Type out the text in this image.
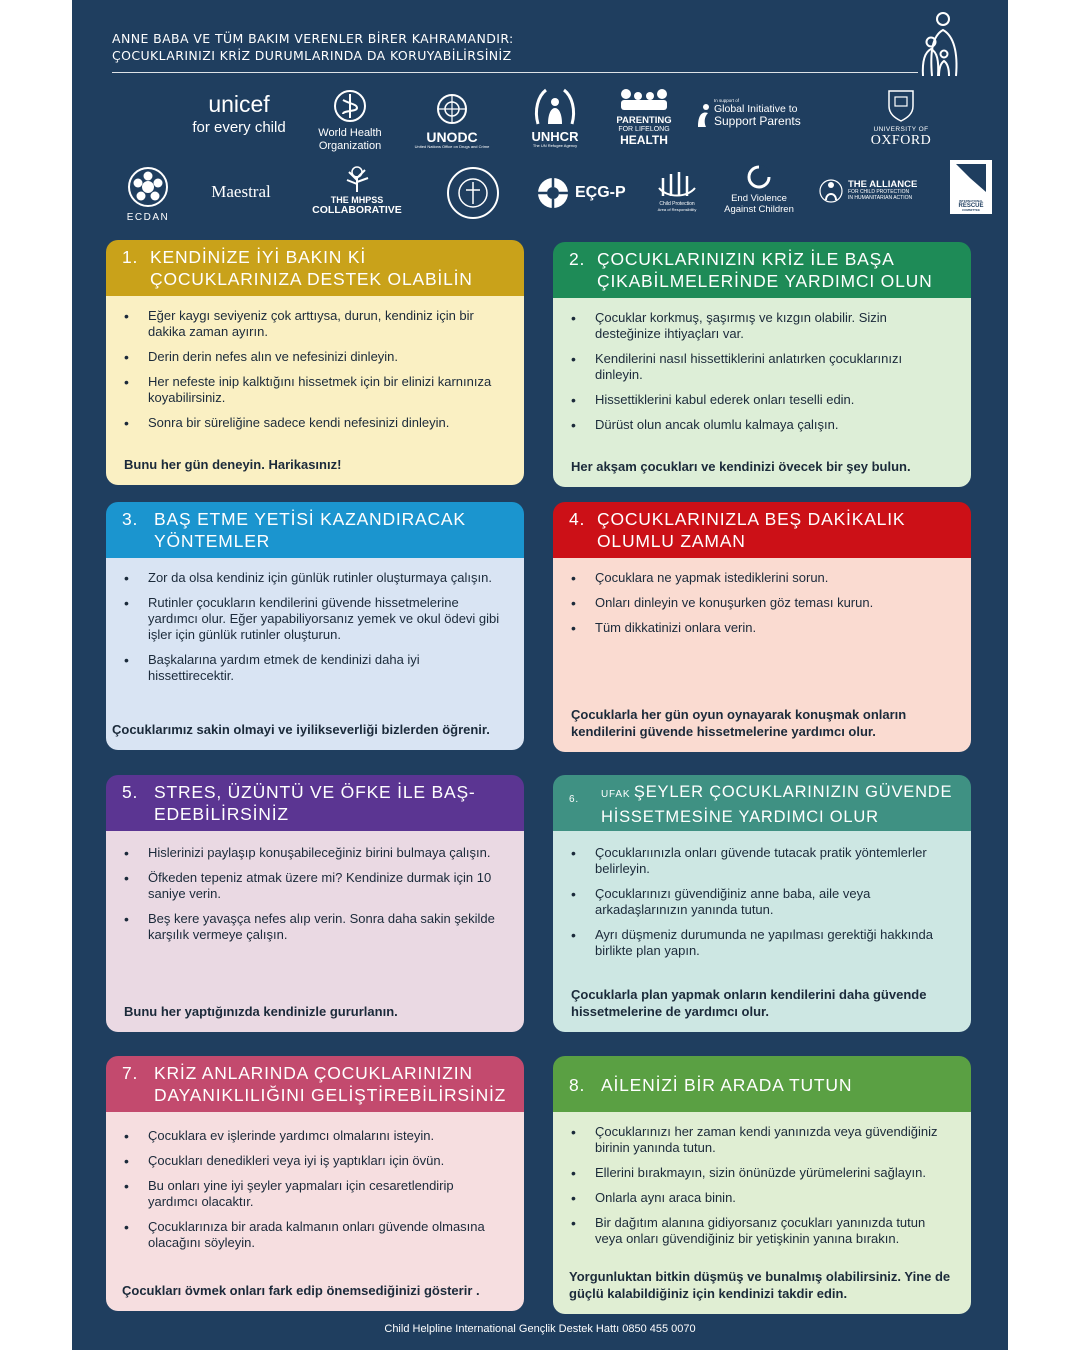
ANNE BABA VE TÜM BAKIM VERENLER BİRER KAHRAMANDIR:
ÇOCUKLARINIZI KRİZ DURUMLARINDA DA KORUYABİLİRSİNİZ
unicef
for every child	World Health
Organization
UNODC
United Nations Office on Drugs and Crime
UNHCR
The UN Refugee Agency
PARENTING
FOR LIFELONG
HEALTH
In support of
Global Initiative to
Support Parents
UNIVERSITY OF
OXFORD
ECDAN
Maestral	THE MHPSS
COLLABORATIVE
EÇG-P
Child Protection
Area of Responsibility
End Violence
Against Children
THE ALLIANCE
FOR CHILD PROTECTION
IN HUMANITARIAN ACTION
INTERNATIONAL
RESCUE
COMMITTEE
1. KENDİNİZE İYİ BAKIN Kİ ÇOCUKLARINIZA DESTEK OLABİLİN
• Eğer kaygı seviyeniz çok arttıysa, durun, kendiniz için bir dakika zaman ayırın.
• Derin derin nefes alın ve nefesinizi dinleyin.
• Her nefeste inip kalktığını hissetmek için bir elinizi karnınıza koyabilirsiniz.
• Sonra bir süreliğine sadece kendi nefesinizi dinleyin.
Bunu her gün deneyin. Harikasınız!
2. ÇOCUKLARINIZIN KRİZ İLE BAŞA ÇIKABİLMELERİNDE YARDIMCI OLUN
• Çocuklar korkmuş, şaşırmış ve kızgın olabilir. Sizin desteğinize ihtiyaçları var.
• Kendilerini nasıl hissettiklerini anlatırken çocuklarınızı dinleyin.
• Hissettiklerini kabul ederek onları teselli edin.
• Dürüst olun ancak olumlu kalmaya çalışın.
Her akşam çocukları ve kendinizi övecek bir şey bulun.
3. BAŞ ETME YETİSİ KAZANDIRACAK YÖNTEMLER
• Zor da olsa kendiniz için günlük rutinler oluşturmaya çalışın.
• Rutinler çocukların kendilerini güvende hissetmelerine yardımcı olur. Eğer yapabiliyorsanız yemek ve okul ödevi gibi işler için günlük rutinler oluşturun.
• Başkalarına yardım etmek de kendinizi daha iyi hissettirecektir.
Çocuklarımız sakin olmayi ve iyilikseverliği bizlerden öğrenir.
4. ÇOCUKLARINIZLA BEŞ DAKİKALIK OLUMLU ZAMAN
• Çocuklara ne yapmak istediklerini sorun.
• Onları dinleyin ve konuşurken göz teması kurun.
• Tüm dikkatinizi onlara verin.
Çocuklarla her gün oyun oynayarak konuşmak onların kendilerini güvende hissetmelerine yardımcı olur.
5. STRES, ÜZÜNTÜ VE ÖFKE İLE BAŞ- EDEBİLİRSİNİZ
• Hislerinizi paylaşıp konuşabileceğiniz birini bulmaya çalışın.
• Öfkeden tepeniz atmak üzere mi? Kendinize durmak için 10 saniye verin.
• Beş kere yavaşça nefes alıp verin. Sonra daha sakin şekilde karşılık vermeye çalışın.
Bunu her yaptığınızda kendinizle gururlanın.
6.	UFAK ŞEYLER ÇOCUKLARINIZIN GÜVENDE HİSSETMESİNE YARDIMCI OLUR
• Çocuklarıınızla onları güvende tutacak pratik yöntemlerler belirleyin.
• Çocuklarınızı güvendiğiniz anne baba, aile veya arkadaşlarınızın yanında tutun.
• Ayrı düşmeniz durumunda ne yapılması gerektiği hakkında birlikte plan yapın.
Çocuklarla plan yapmak onların kendilerini daha güvende hissetmelerine de yardımcı olur.
7. KRİZ ANLARINDA ÇOCUKLARINIZIN DAYANIKLILIĞINI GELİŞTİREBİLİRSİNİZ
• Çocuklara ev işlerinde yardımcı olmalarını isteyin.
• Çocukları denedikleri veya iyi iş yaptıkları için övün.
• Bu onları yine iyi şeyler yapmaları için cesaretlendirip yardımcı olacaktır.
• Çocuklarınıza bir arada kalmanın onları güvende olmasına olacağını söyleyin.
Çocukları övmek onları fark edip önemsediğinizi gösterir .
8. AİLENİZİ BİR ARADA TUTUN
• Çocuklarınızı her zaman kendi yanınızda veya güvendiğiniz birinin yanında tutun.
• Ellerini bırakmayın, sizin önünüzde yürümelerini sağlayın.
• Onlarla aynı araca binin.
• Bir dağıtım alanına gidiyorsanız çocukları yanınızda tutun veya onları güvendiğiniz bir yetişkinin yanına bırakın.
Yorgunluktan bitkin düşmüş ve bunalmış olabilirsiniz. Yine de güçlü kalabildiğiniz için kendinizi takdir edin.
Child Helpline International Gençlik Destek Hattı 0850 455 0070
